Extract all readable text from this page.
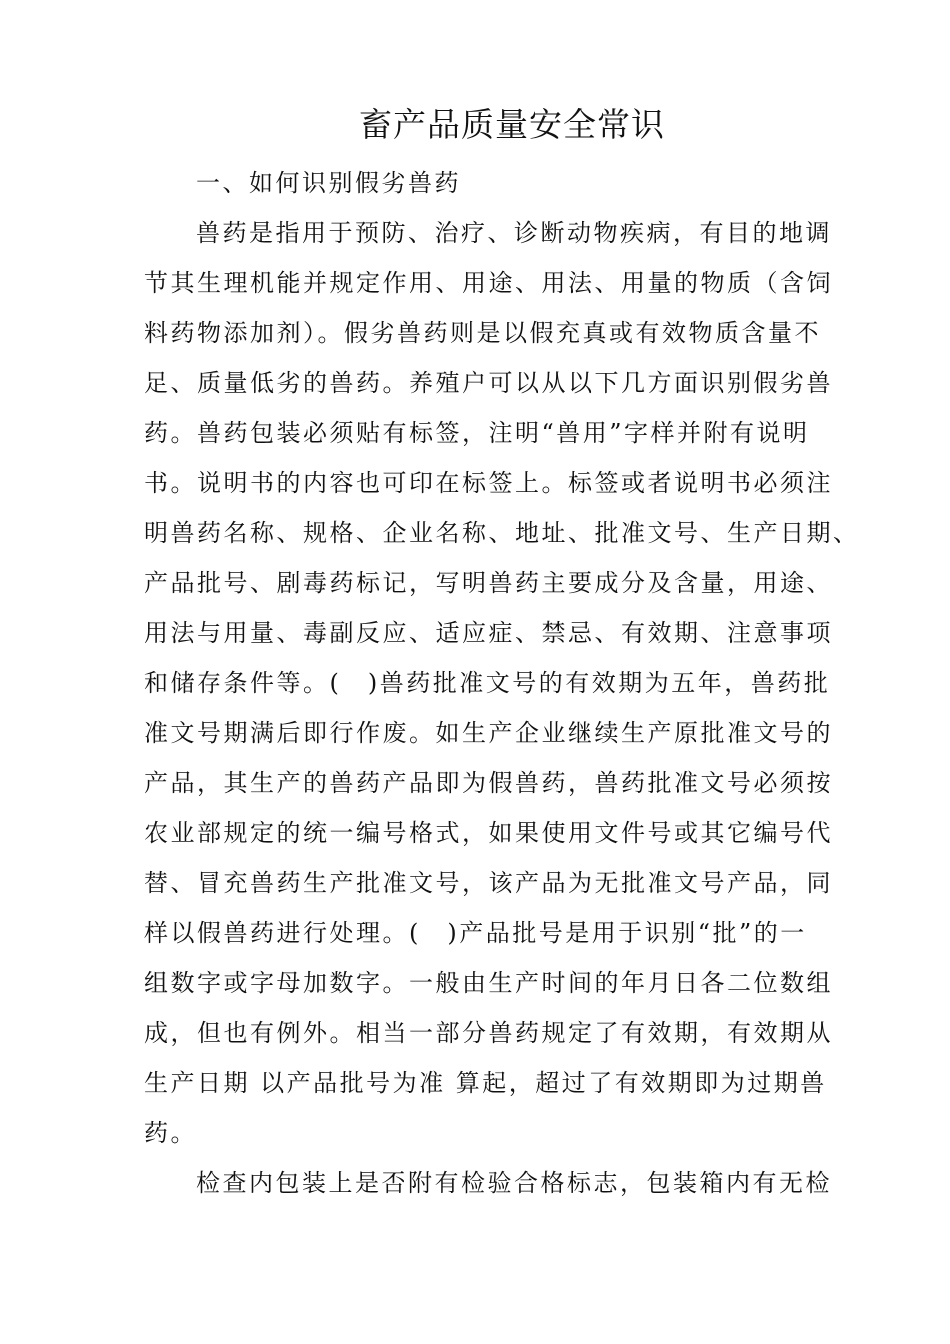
畜产品质量安全常识
一、如何识别假劣兽药
兽药是指用于预防、治疗、诊断动物疾病，有目的地调
节其生理机能并规定作用、用途、用法、用量的物质（含饲
料药物添加剂）。假劣兽药则是以假充真或有效物质含量不
足、质量低劣的兽药。养殖户可以从以下几方面识别假劣兽
药。兽药包装必须贴有标签，注明“兽用”字样并附有说明
书。说明书的内容也可印在标签上。标签或者说明书必须注
明兽药名称、规格、企业名称、地址、批准文号、生产日期、
产品批号、剧毒药标记，写明兽药主要成分及含量，用途、
用法与用量、毒副反应、适应症、禁忌、有效期、注意事项
和储存条件等。(　)兽药批准文号的有效期为五年，兽药批
准文号期满后即行作废。如生产企业继续生产原批准文号的
产品，其生产的兽药产品即为假兽药，兽药批准文号必须按
农业部规定的统一编号格式，如果使用文件号或其它编号代
替、冒充兽药生产批准文号，该产品为无批准文号产品，同
样以假兽药进行处理。(　)产品批号是用于识别“批”的一
组数字或字母加数字。一般由生产时间的年月日各二位数组
成，但也有例外。相当一部分兽药规定了有效期，有效期从
生产日期 以产品批号为准 算起，超过了有效期即为过期兽
药。
检查内包装上是否附有检验合格标志，包装箱内有无检
